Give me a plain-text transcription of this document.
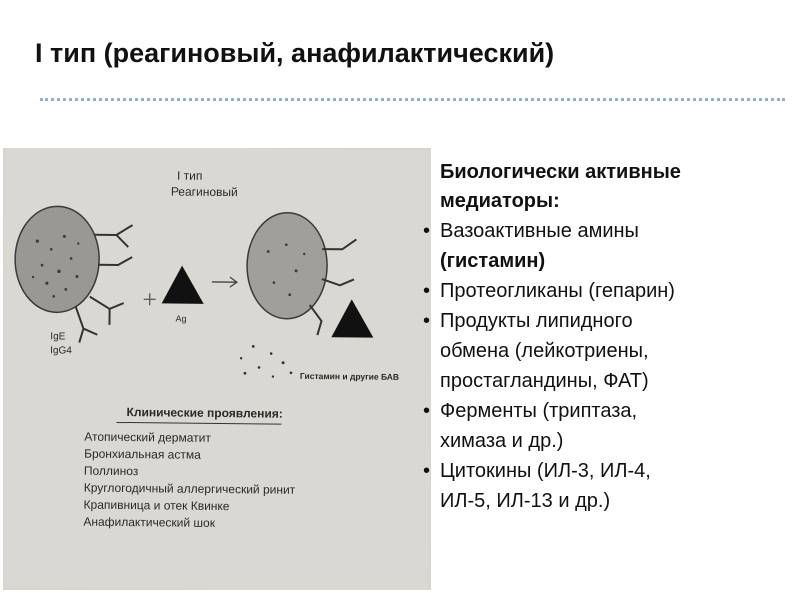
I тип (реагиновый, анафилактический)
I тип
Реагиновый
IgE
IgG4
Ag
Гистамин и другие БАВ
Клинические проявления:
Атопический дерматит
Бронхиальная астма
Поллиноз
Круглогодичный аллергический ринит
Крапивница и отек Квинке
Анафилактический шок
Биологически активные
медиаторы:
• Вазоактивные амины
(гистамин)
• Протеогликаны (гепарин)
• Продукты липидного
обмена (лейкотриены,
простагландины, ФАТ)
• Ферменты (триптаза,
химаза и др.)
• Цитокины (ИЛ-3, ИЛ-4,
ИЛ-5, ИЛ-13 и др.)
